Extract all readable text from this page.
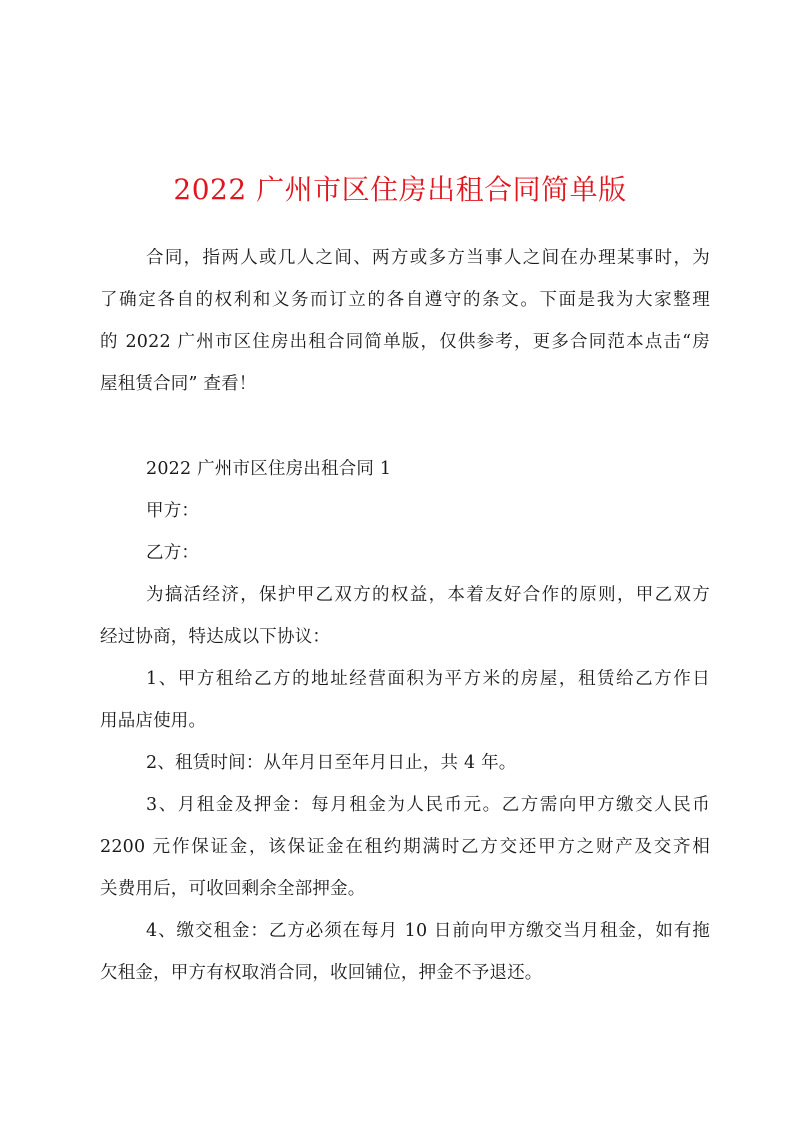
2022 广州市区住房出租合同简单版
合同，指两人或几人之间、两方或多方当事人之间在办理某事时，为
了确定各自的权利和义务而订立的各自遵守的条文。下面是我为大家整理
的 2022 广州市区住房出租合同简单版，仅供参考，更多合同范本点击“房
屋租赁合同” 查看！
2022 广州市区住房出租合同 1
甲方：
乙方：
为搞活经济，保护甲乙双方的权益，本着友好合作的原则，甲乙双方
经过协商，特达成以下协议：
1、甲方租给乙方的地址经营面积为平方米的房屋，租赁给乙方作日
用品店使用。
2、租赁时间：从年月日至年月日止，共 4 年。
3、月租金及押金：每月租金为人民币元。乙方需向甲方缴交人民币
2200 元作保证金，该保证金在租约期满时乙方交还甲方之财产及交齐相
关费用后，可收回剩余全部押金。
4、缴交租金：乙方必须在每月 10 日前向甲方缴交当月租金，如有拖
欠租金，甲方有权取消合同，收回铺位，押金不予退还。
